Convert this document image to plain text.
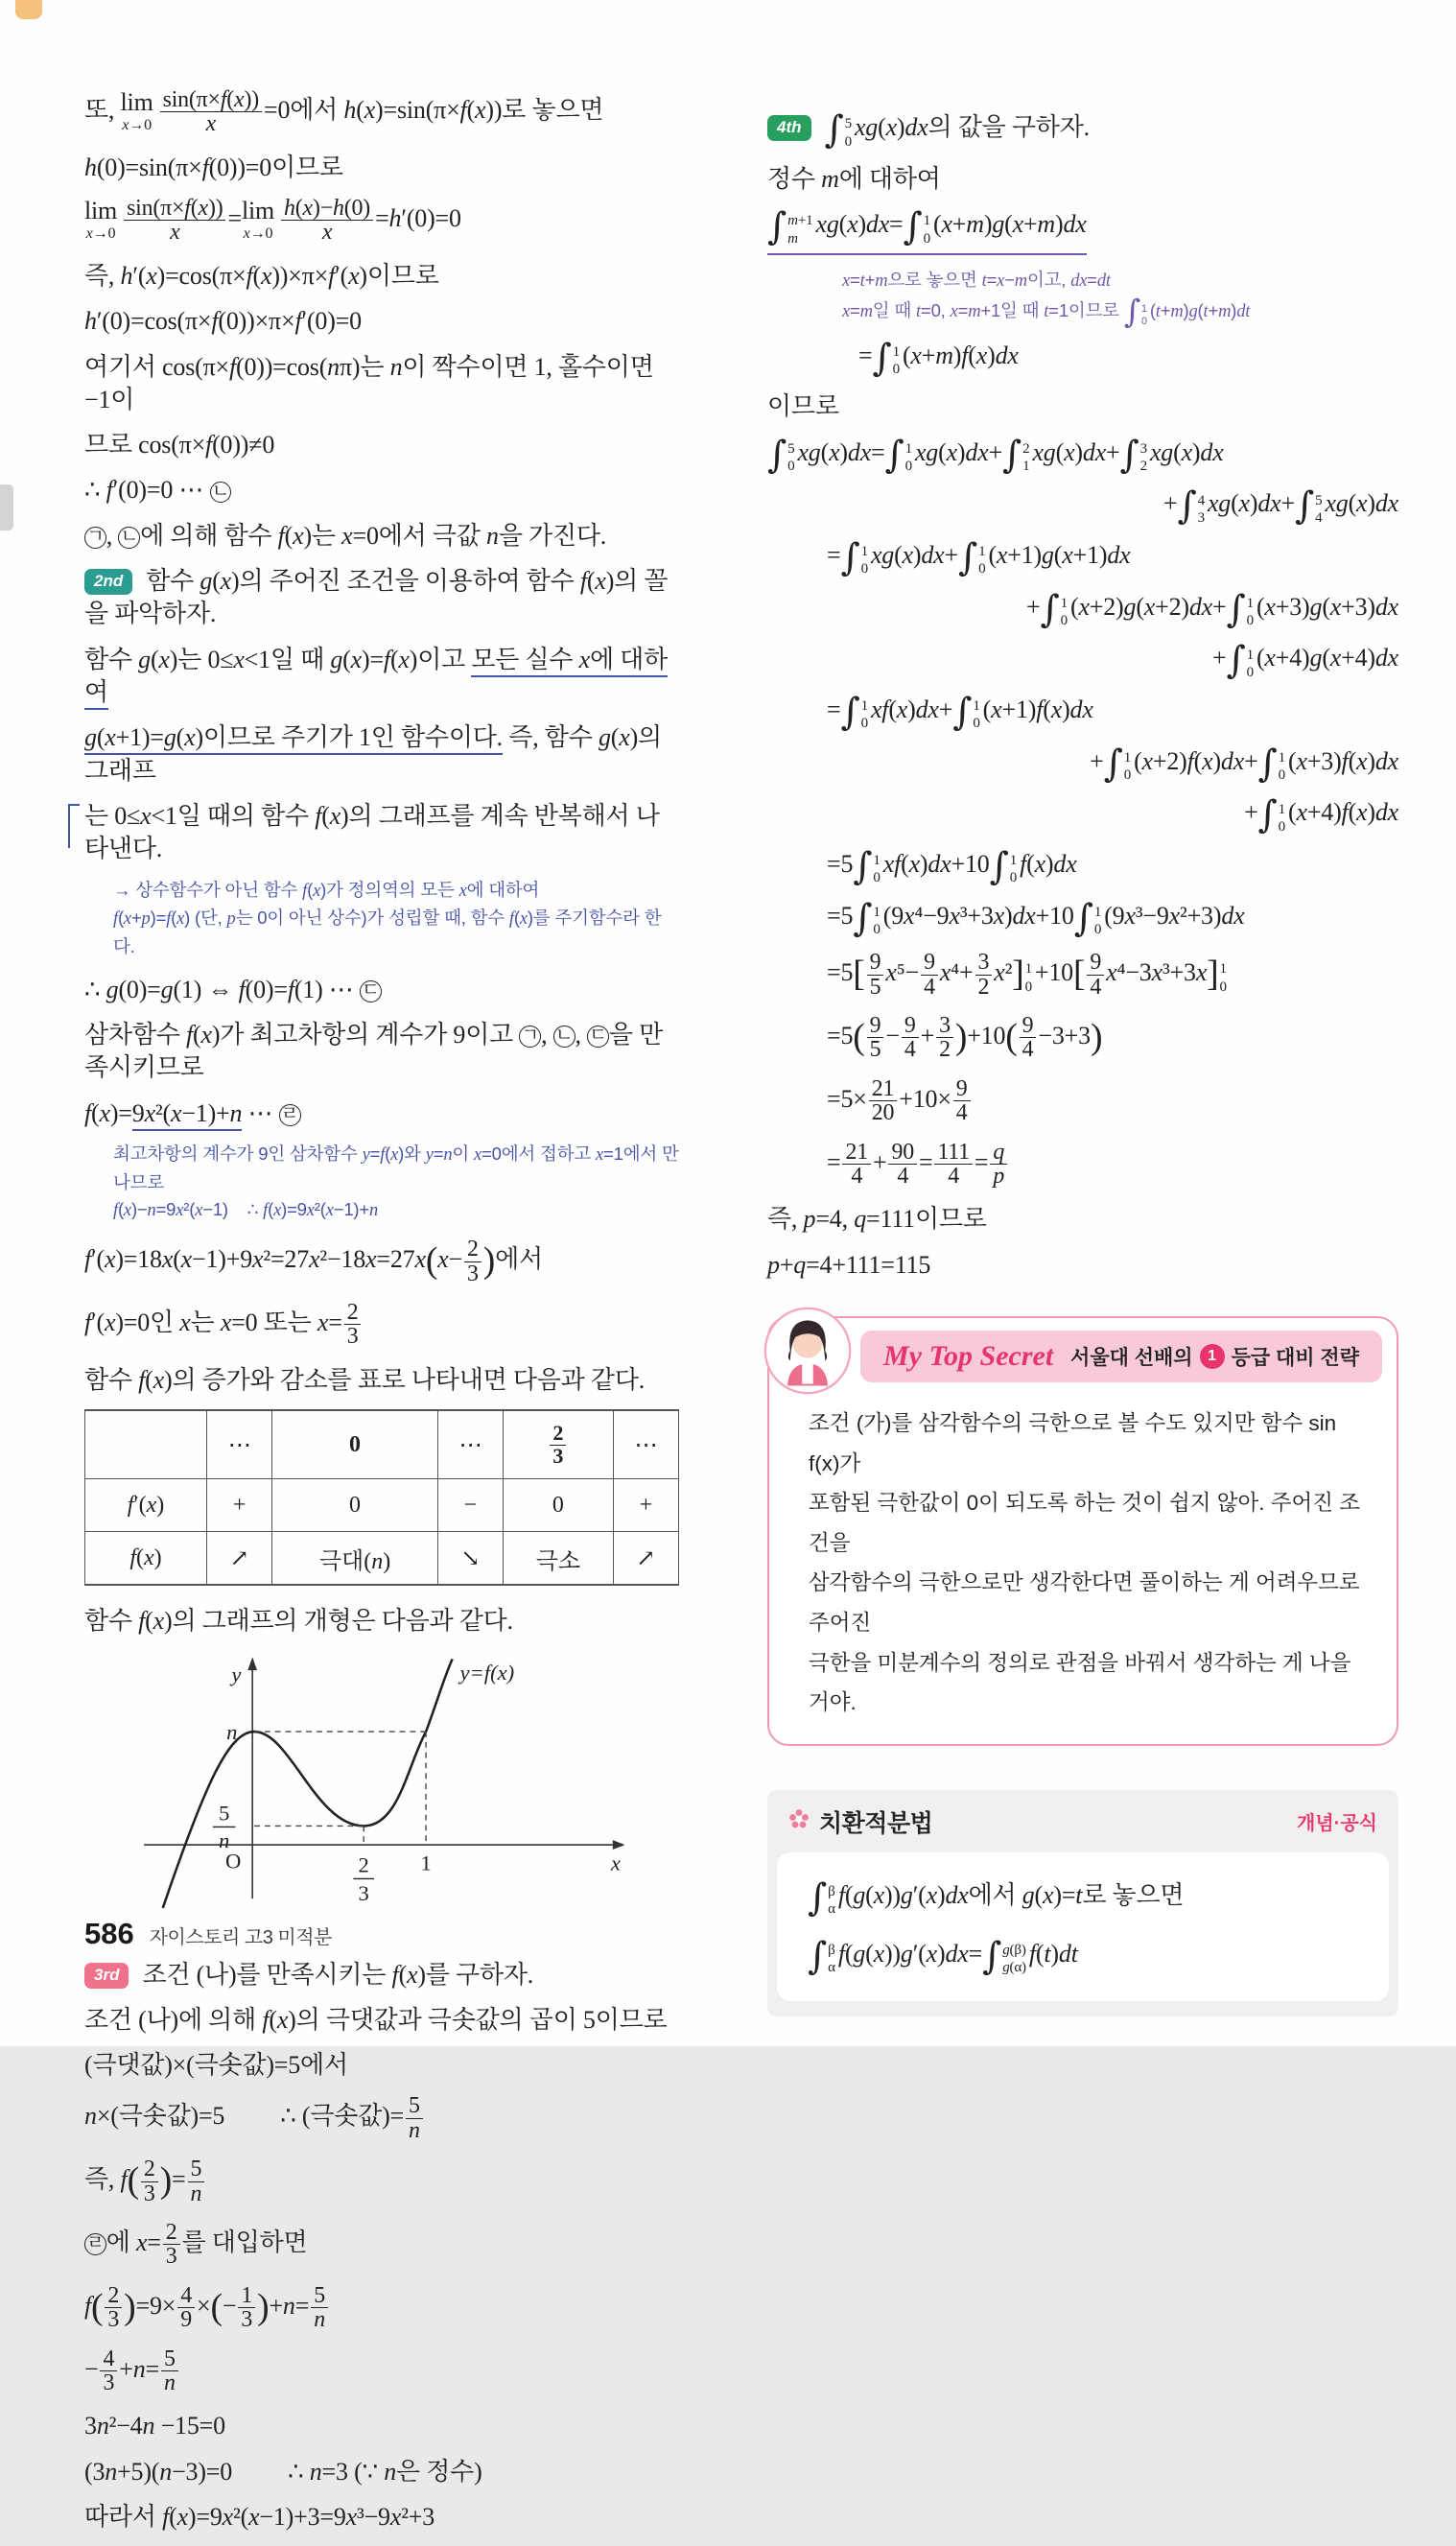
또, lim
$x\to 0 \frac{\sin(\pi\times f(x))}{x} =0$에서 h(x)=sin(π×f(x))로 놓으면
h(0)=sin(π×f(0))=0이므로
lim
$x\to 0 \frac{\sin(\pi\times f(x))}{x} =\lim$
$x\to 0 \frac{h(x)-h(0)}{x} =h'(0)=0$
즉, h′(x)=cos(π×f(x))×π×f′(x)이므로
h′(0)=cos(π×f(0))×π×f′(0)=0
여기서 cos(π×f(0))=cos(nπ)는 n이 짝수이면 1, 홀수이면 −1이
므로 cos(π×f(0))≠0
∴ f′(0)=0 ⋯ ㄴ
ㄱ, ㄴ에 의해 함수 f(x)는 x=0에서 극값 n을 가진다.
2nd 함수 g(x)의 주어진 조건을 이용하여 함수 f(x)의 꼴을 파악하자.
함수 g(x)는 0≤x<1일 때 g(x)=f(x)이고 모든 실수 x에 대하여
g(x+1)=g(x)이므로 주기가 1인 함수이다. 즉, 함수 g(x)의 그래프
는 0≤x<1일 때의 함수 f(x)의 그래프를 계속 반복해서 나타낸다.
→ 상수함수가 아닌 함수 f(x)가 정의역의 모든 x에 대하여
f(x+p)=f(x) (단, p는 0이 아닌 상수)가 성립할 때, 함수 f(x)를 주기함수라 한다.
∴ g(0)=g(1) ⇔ f(0)=f(1) ⋯ ㄷ
삼차함수 f(x)가 최고차항의 계수가 9이고 ㄱ, ㄴ, ㄷ을 만족시키므로
f(x)=9x²(x−1)+n ⋯ ㄹ
최고차항의 계수가 9인 삼차함수 y=f(x)와 y=n이 x=0에서 접하고 x=1에서 만나므로
f(x)−n=9x²(x−1)    ∴ f(x)=9x²(x−1)+n
$f'(x)=18x(x-1)+9x^2=27x^2-18x=27x(x- \frac{2}{3}$ )에서
f′(x)=0인 x는 x=0 또는 $x= \frac{2}{3}$
함수 f(x)의 증가와 감소를 표로 나타내면 다음과 같다.
	⋯	0	⋯	$\frac{2}{3}$	⋯
f′(x)	+	0	−	0	+
f(x)	↗	극대(n)	↘	극소	↗
함수 f(x)의 그래프의 개형은 다음과 같다.
y
x
O
n
5
n
2
3
1
y=f(x)
3rd 조건 (나)를 만족시키는 f(x)를 구하자.
조건 (나)에 의해 f(x)의 극댓값과 극솟값의 곱이 5이므로
(극댓값)×(극솟값)=5에서
n×(극솟값)=5 ∴ (극솟값)= $\frac{5}{n}$
즉, $f( \frac{2}{3}$ )= $\frac{5}{n}$
ㄹ에 $x= \frac{2}{3}$ 를 대입하면
$f( \frac{2}{3} )=9\times \frac{4}{9}$ ×(− $\frac{1}{3} )+n= \frac{5}{n}$
− $\frac{4}{3} +n= \frac{5}{n}$
3n²−4n −15=0
(3n+5)(n−3)=0 ∴ n=3 (∵ n은 정수)
따라서 f(x)=9x²(x−1)+3=9x³−9x²+3
4th ∫ 5
0
xg(x)dx의 값을 구하자.
정수 m에 대하여
∫ m+1
m
xg(x)dx=∫ 1
0
(x+m)g(x+m)dx
x=t+m으로 놓으면 t=x−m이고, dx=dt
x=m일 때 t=0, x=m+1일 때 t=1이므로 ∫ 1
0
(t+m)g(t+m)dt
=∫ 1
0
(x+m)f(x)dx
이므로
∫ 5
0
xg(x)dx=∫ 1
0
xg(x)dx+∫ 2
1
xg(x)dx+∫ 3
2
xg(x)dx
+∫ 4
3
xg(x)dx+∫ 5
4
xg(x)dx
=∫ 1
0
xg(x)dx+∫ 1
0
(x+1)g(x+1)dx
+∫ 1
0
(x+2)g(x+2)dx+∫ 1
0
(x+3)g(x+3)dx
+∫ 1
0
(x+4)g(x+4)dx
=∫ 1
0
xf(x)dx+∫ 1
0
(x+1)f(x)dx
+∫ 1
0
(x+2)f(x)dx+∫ 1
0
(x+3)f(x)dx
+∫ 1
0
(x+4)f(x)dx
=5∫ 1
0
xf(x)dx+10∫ 1
0
f(x)dx
=5∫ 1
0
(9x⁴−9x³+3x)dx+10∫ 1
0
(9x³−9x²+3)dx
$=5[ \frac{9}{5} x^5- \frac{9}{4} x^4+ \frac{3}{2} x^2]$ 1
0
$+10[ \frac{9}{4} x^4-3x^3+3x]$ 1
0
$=5( \frac{9}{5} - \frac{9}{4} + \frac{3}{2} )+10( \frac{9}{4} -3+3)$
$=5\times \frac{21}{20} +10\times \frac{9}{4}$
= $\frac{21}{4} + \frac{90}{4} = \frac{111}{4} = \frac{q}{p}$
즉, p=4, q=111이므로
p+q=4+111=115
My Top Secret 서울대 선배의 1 등급 대비 전략
조건 (가)를 삼각함수의 극한으로 볼 수도 있지만 함수 sin f(x)가
포함된 극한값이 0이 되도록 하는 것이 쉽지 않아. 주어진 조건을
삼각함수의 극한으로만 생각한다면 풀이하는 게 어려우므로 주어진
극한을 미분계수의 정의로 관점을 바꿔서 생각하는 게 나을 거야.
치환적분법	개념·공식
∫ β
α
f(g(x))g′(x)dx에서 g(x)=t로 놓으면
∫ β
α
f(g(x))g′(x)dx=∫ g(β)
g(α)
f(t)dt
586 자이스토리 고3 미적분
